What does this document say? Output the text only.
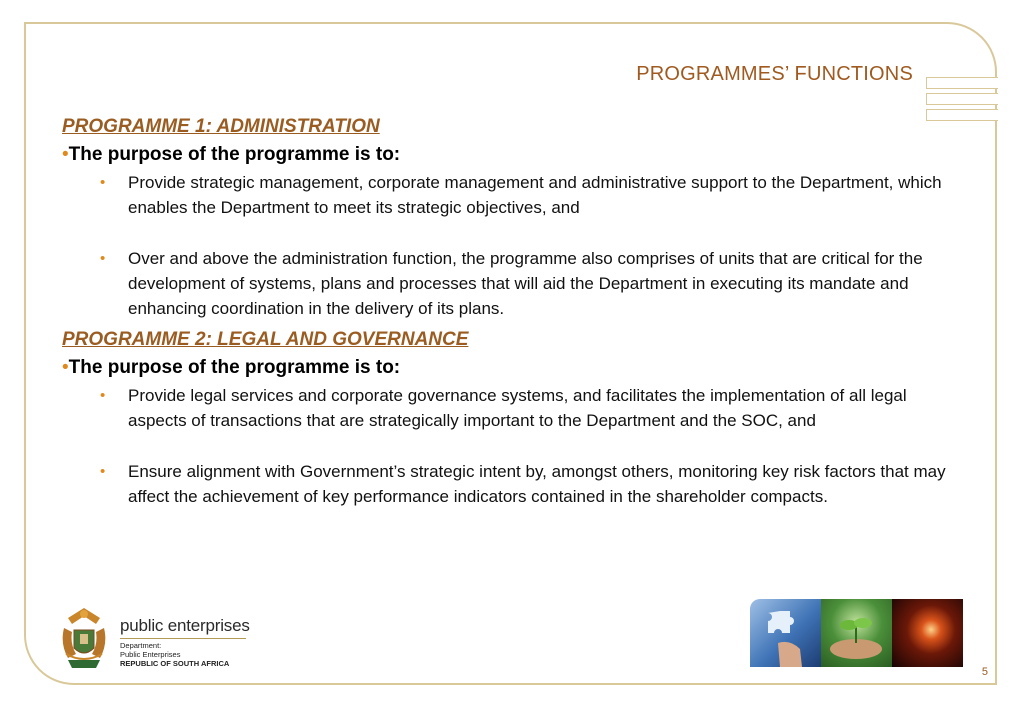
PROGRAMMES’ FUNCTIONS
PROGRAMME 1: ADMINISTRATION
•The purpose of the programme is to:
• Provide strategic management, corporate management and administrative support to the Department, which enables the Department to meet its strategic objectives, and
• Over and above the administration function, the programme also comprises of units that are critical for the development of systems, plans and processes that will aid the Department in executing its mandate and enhancing coordination in the delivery of its plans.
PROGRAMME 2: LEGAL AND GOVERNANCE
•The purpose of the programme is to:
• Provide legal services and corporate governance systems, and facilitates the implementation of all legal aspects of transactions that are strategically important to the Department and the SOC, and
• Ensure alignment with Government’s strategic intent by, amongst others, monitoring key risk factors that may affect the achievement of key performance indicators contained in the shareholder compacts.
public enterprises
Department:
Public Enterprises
REPUBLIC OF SOUTH AFRICA
5
